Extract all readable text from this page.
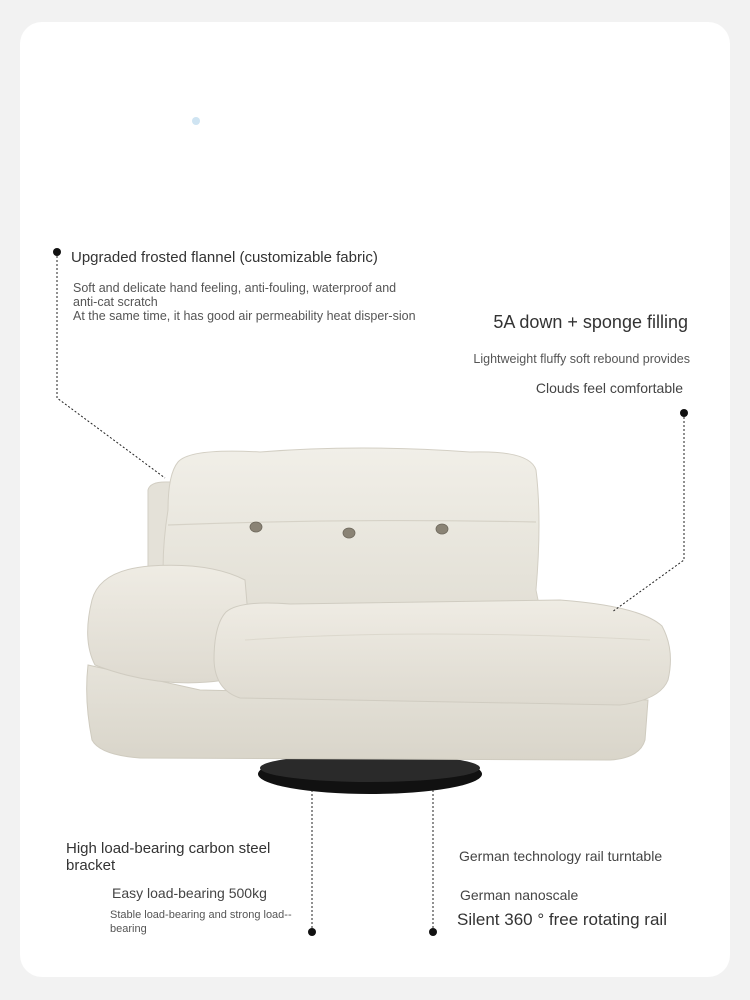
Upgraded frosted flannel (customizable fabric)
Soft and delicate hand feeling, anti-fouling, waterproof and anti-cat scratch
At the same time, it has good air permeability heat disper-sion	5A down + sponge filling
Lightweight fluffy soft rebound provides
Clouds feel comfortable
High load-bearing carbon steel bracket
Easy load-bearing 500kg
Stable load-bearing and strong load--bearing
German technology rail turntable
German nanoscale
Silent 360 ° free rotating rail
